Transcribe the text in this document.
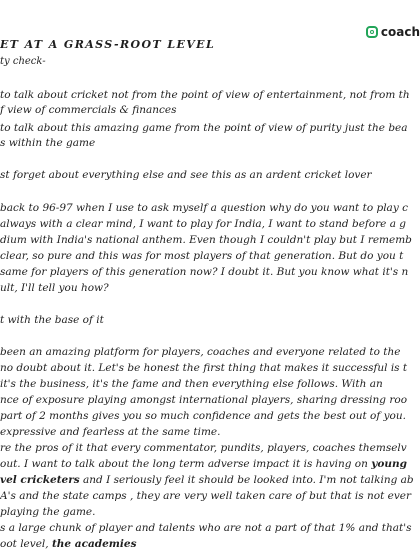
coach
ET AT A GRASS-ROOT LEVEL

ty check-

to talk about cricket not from the point of view of entertainment, not from th

f view of commercials & finances

to talk about this amazing game from the point of view of purity just the bea

s within the game

st forget about everything else and see this as an ardent cricket lover

back to 96-97 when I use to ask myself a question why do you want to play c

always with a clear mind, I want to play for India, I want to stand before a g

dium with India's national anthem. Even though I couldn't play but I rememb

clear, so pure and this was for most players of that generation. But do you t

same for players of this generation now? I doubt it. But you know what it's n

ult, I'll tell you how?

t with the base of it

been an amazing platform for players, coaches and everyone related to the

no doubt about it. Let's be honest the first thing that makes it successful is t

it's the business, it's the fame and then everything else follows. With an

nce of exposure playing amongst international players, sharing dressing roo

part of 2 months gives you so much confidence and gets the best out of you.

expressive and fearless at the same time.

re the pros of it that every commentator, pundits, players, coaches themselv

out. I want to talk about the long term adverse impact it is having on young

vel cricketers and I seriously feel it should be looked into. I'm not talking ab

A's and the state camps , they are very well taken care of but that is not ever

playing the game.

s a large chunk of player and talents who are not a part of that 1% and that's

oot level, the academies
